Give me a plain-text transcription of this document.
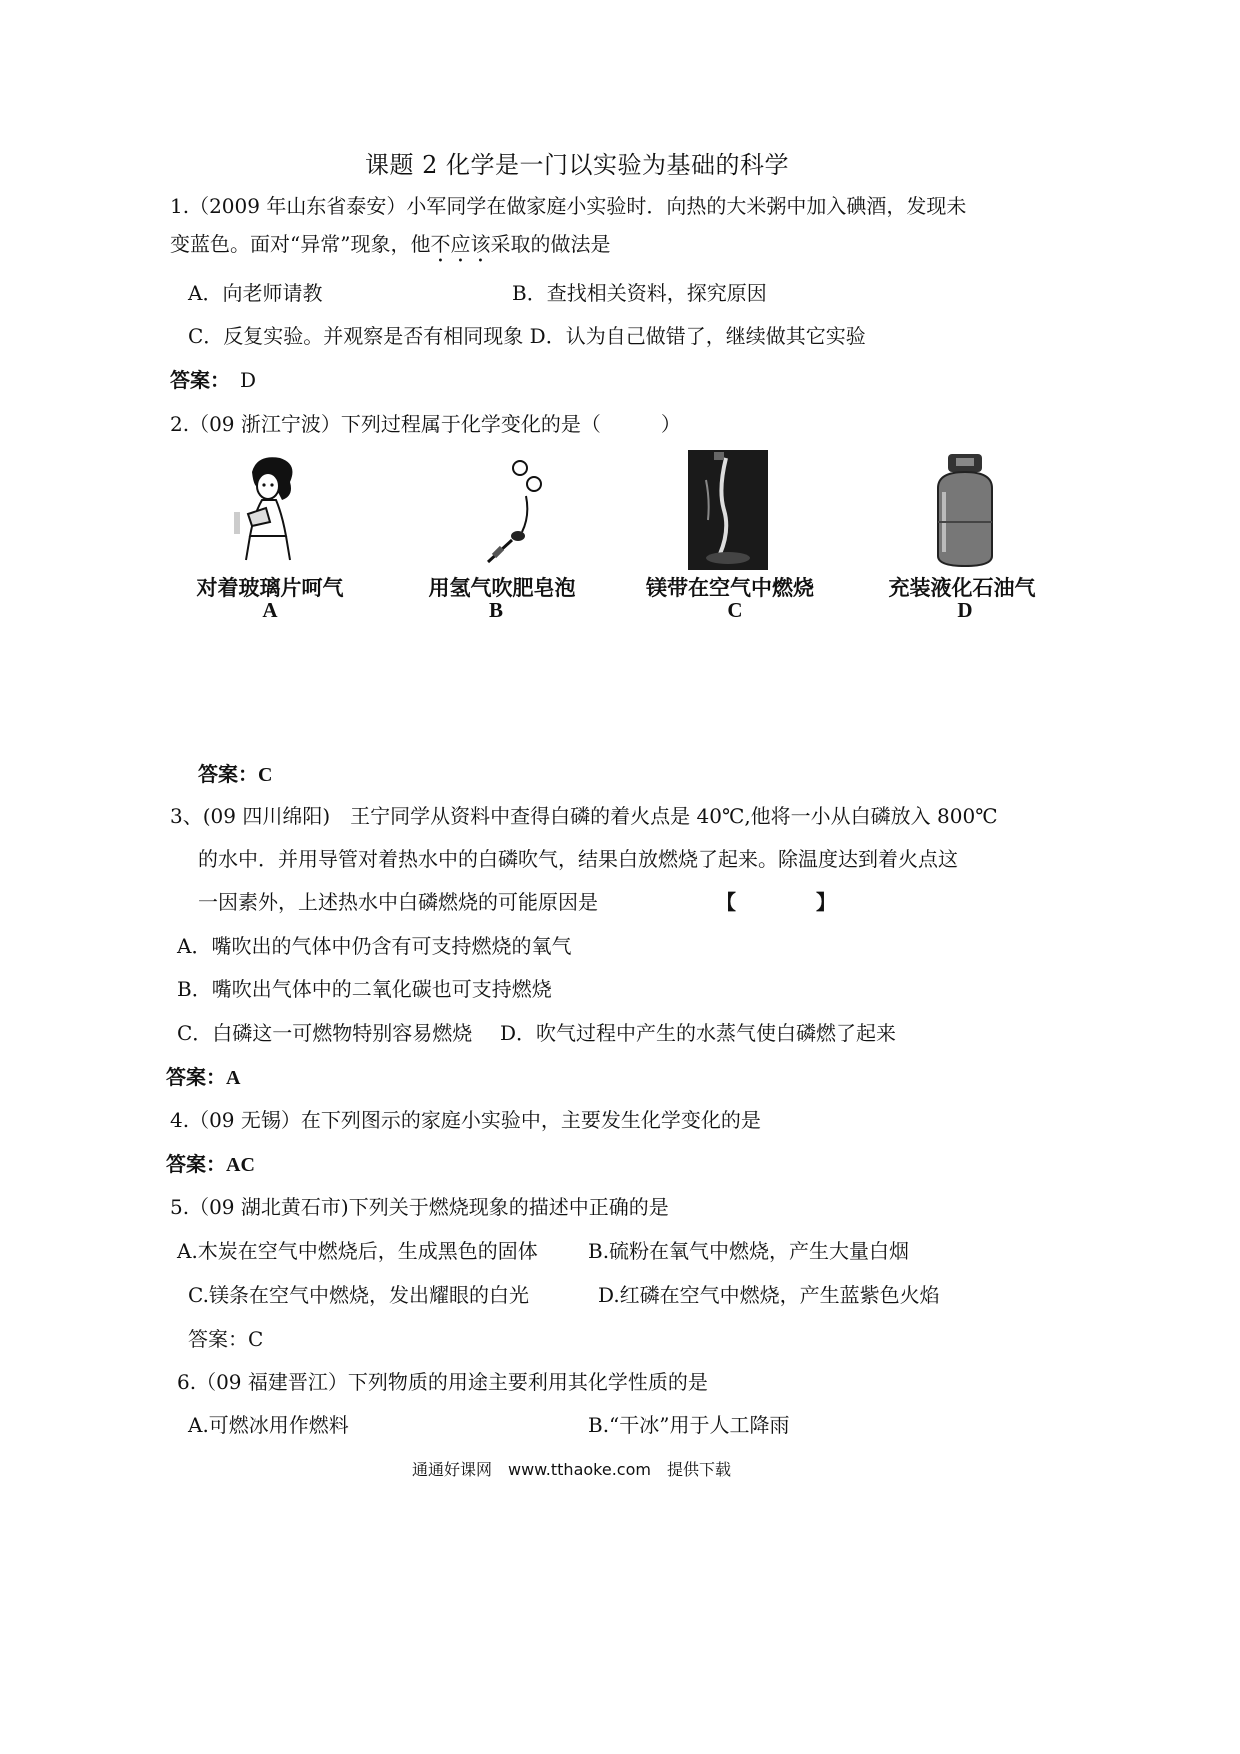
课题 2 化学是一门以实验为基础的科学
1.（2009 年山东省泰安）小军同学在做家庭小实验时．向热的大米粥中加入碘酒，发现未
变蓝色。面对“异常”现象，他不应该采取的做法是
A．向老师请教	B．查找相关资料，探究原因
C．反复实验。并观察是否有相同现象 D．认为自己做错了，继续做其它实验
答案： D
2.（09 浙江宁波）下列过程属于化学变化的是（　　　）
对着玻璃片呵气
A
用氢气吹肥皂泡
B
镁带在空气中燃烧
C
充装液化石油气
D
答案：C
3、(09 四川绵阳)　王宁同学从资料中查得白磷的着火点是 40℃,他将一小从白磷放入 800℃
的水中．并用导管对着热水中的白磷吹气，结果白放燃烧了起来。除温度达到着火点这
一因素外，上述热水中白磷燃烧的可能原因是	【　　　　】
A．嘴吹出的气体中仍含有可支持燃烧的氧气
B．嘴吹出气体中的二氧化碳也可支持燃烧
C．白磷这一可燃物特别容易燃烧 D．吹气过程中产生的水蒸气使白磷燃了起来
答案：A
4.（09 无锡）在下列图示的家庭小实验中，主要发生化学变化的是
答案：AC
5.（09 湖北黄石市)下列关于燃烧现象的描述中正确的是
A.木炭在空气中燃烧后，生成黑色的固体	B.硫粉在氧气中燃烧，产生大量白烟
C.镁条在空气中燃烧，发出耀眼的白光	D.红磷在空气中燃烧，产生蓝紫色火焰
答案：C
6.（09 福建晋江）下列物质的用途主要利用其化学性质的是
A.可燃冰用作燃料	B.“干冰”用于人工降雨
通通好课网　www.tthaoke.com　提供下载
